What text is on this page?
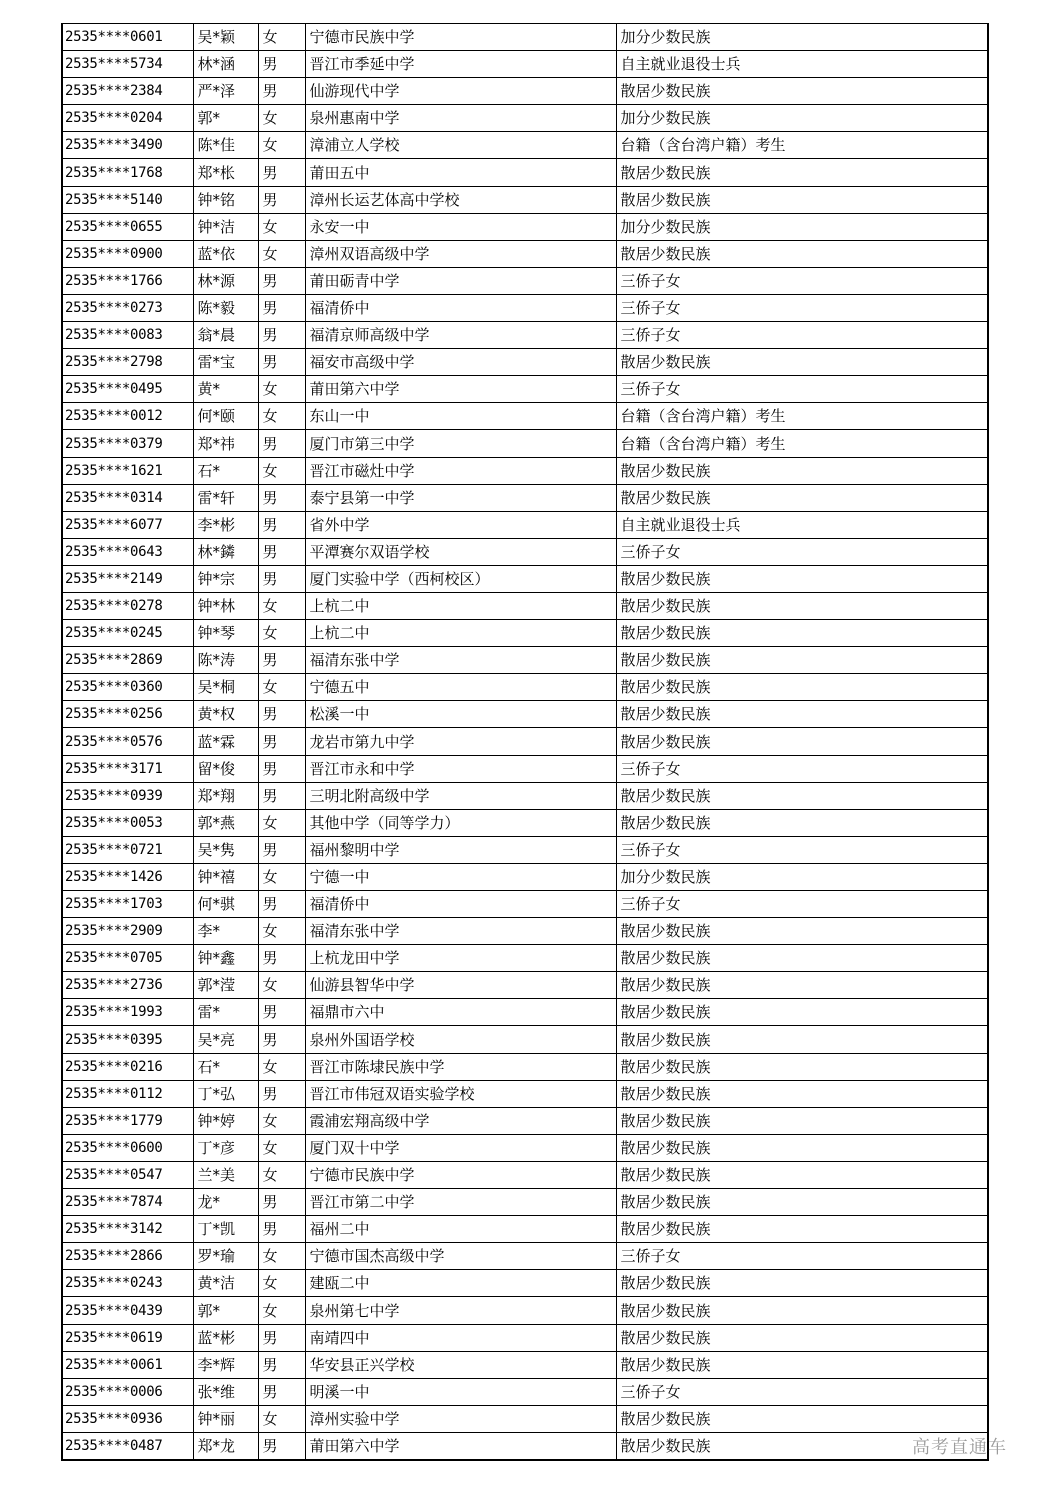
2535****0601	吴*颖	女	宁德市民族中学	加分少数民族
2535****5734	林*涵	男	晋江市季延中学	自主就业退役士兵
2535****2384	严*泽	男	仙游现代中学	散居少数民族
2535****0204	郭*	女	泉州惠南中学	加分少数民族
2535****3490	陈*佳	女	漳浦立人学校	台籍（含台湾户籍）考生
2535****1768	郑*枨	男	莆田五中	散居少数民族
2535****5140	钟*铭	男	漳州长运艺体高中学校	散居少数民族
2535****0655	钟*洁	女	永安一中	加分少数民族
2535****0900	蓝*依	女	漳州双语高级中学	散居少数民族
2535****1766	林*源	男	莆田砺青中学	三侨子女
2535****0273	陈*毅	男	福清侨中	三侨子女
2535****0083	翁*晨	男	福清京师高级中学	三侨子女
2535****2798	雷*宝	男	福安市高级中学	散居少数民族
2535****0495	黄*	女	莆田第六中学	三侨子女
2535****0012	何*颐	女	东山一中	台籍（含台湾户籍）考生
2535****0379	郑*祎	男	厦门市第三中学	台籍（含台湾户籍）考生
2535****1621	石*	女	晋江市磁灶中学	散居少数民族
2535****0314	雷*轩	男	泰宁县第一中学	散居少数民族
2535****6077	李*彬	男	省外中学	自主就业退役士兵
2535****0643	林*鏻	男	平潭赛尔双语学校	三侨子女
2535****2149	钟*宗	男	厦门实验中学（西柯校区）	散居少数民族
2535****0278	钟*林	女	上杭二中	散居少数民族
2535****0245	钟*琴	女	上杭二中	散居少数民族
2535****2869	陈*涛	男	福清东张中学	散居少数民族
2535****0360	吴*桐	女	宁德五中	散居少数民族
2535****0256	黄*权	男	松溪一中	散居少数民族
2535****0576	蓝*霖	男	龙岩市第九中学	散居少数民族
2535****3171	留*俊	男	晋江市永和中学	三侨子女
2535****0939	郑*翔	男	三明北附高级中学	散居少数民族
2535****0053	郭*燕	女	其他中学（同等学力）	散居少数民族
2535****0721	吴*隽	男	福州黎明中学	三侨子女
2535****1426	钟*禧	女	宁德一中	加分少数民族
2535****1703	何*骐	男	福清侨中	三侨子女
2535****2909	李*	女	福清东张中学	散居少数民族
2535****0705	钟*鑫	男	上杭龙田中学	散居少数民族
2535****2736	郭*滢	女	仙游县智华中学	散居少数民族
2535****1993	雷*	男	福鼎市六中	散居少数民族
2535****0395	吴*亮	男	泉州外国语学校	散居少数民族
2535****0216	石*	女	晋江市陈埭民族中学	散居少数民族
2535****0112	丁*弘	男	晋江市伟冠双语实验学校	散居少数民族
2535****1779	钟*婷	女	霞浦宏翔高级中学	散居少数民族
2535****0600	丁*彦	女	厦门双十中学	散居少数民族
2535****0547	兰*美	女	宁德市民族中学	散居少数民族
2535****7874	龙*	男	晋江市第二中学	散居少数民族
2535****3142	丁*凯	男	福州二中	散居少数民族
2535****2866	罗*瑜	女	宁德市国杰高级中学	三侨子女
2535****0243	黄*洁	女	建瓯二中	散居少数民族
2535****0439	郭*	女	泉州第七中学	散居少数民族
2535****0619	蓝*彬	男	南靖四中	散居少数民族
2535****0061	李*辉	男	华安县正兴学校	散居少数民族
2535****0006	张*维	男	明溪一中	三侨子女
2535****0936	钟*丽	女	漳州实验中学	散居少数民族
2535****0487	郑*龙	男	莆田第六中学	散居少数民族	高考直通车
